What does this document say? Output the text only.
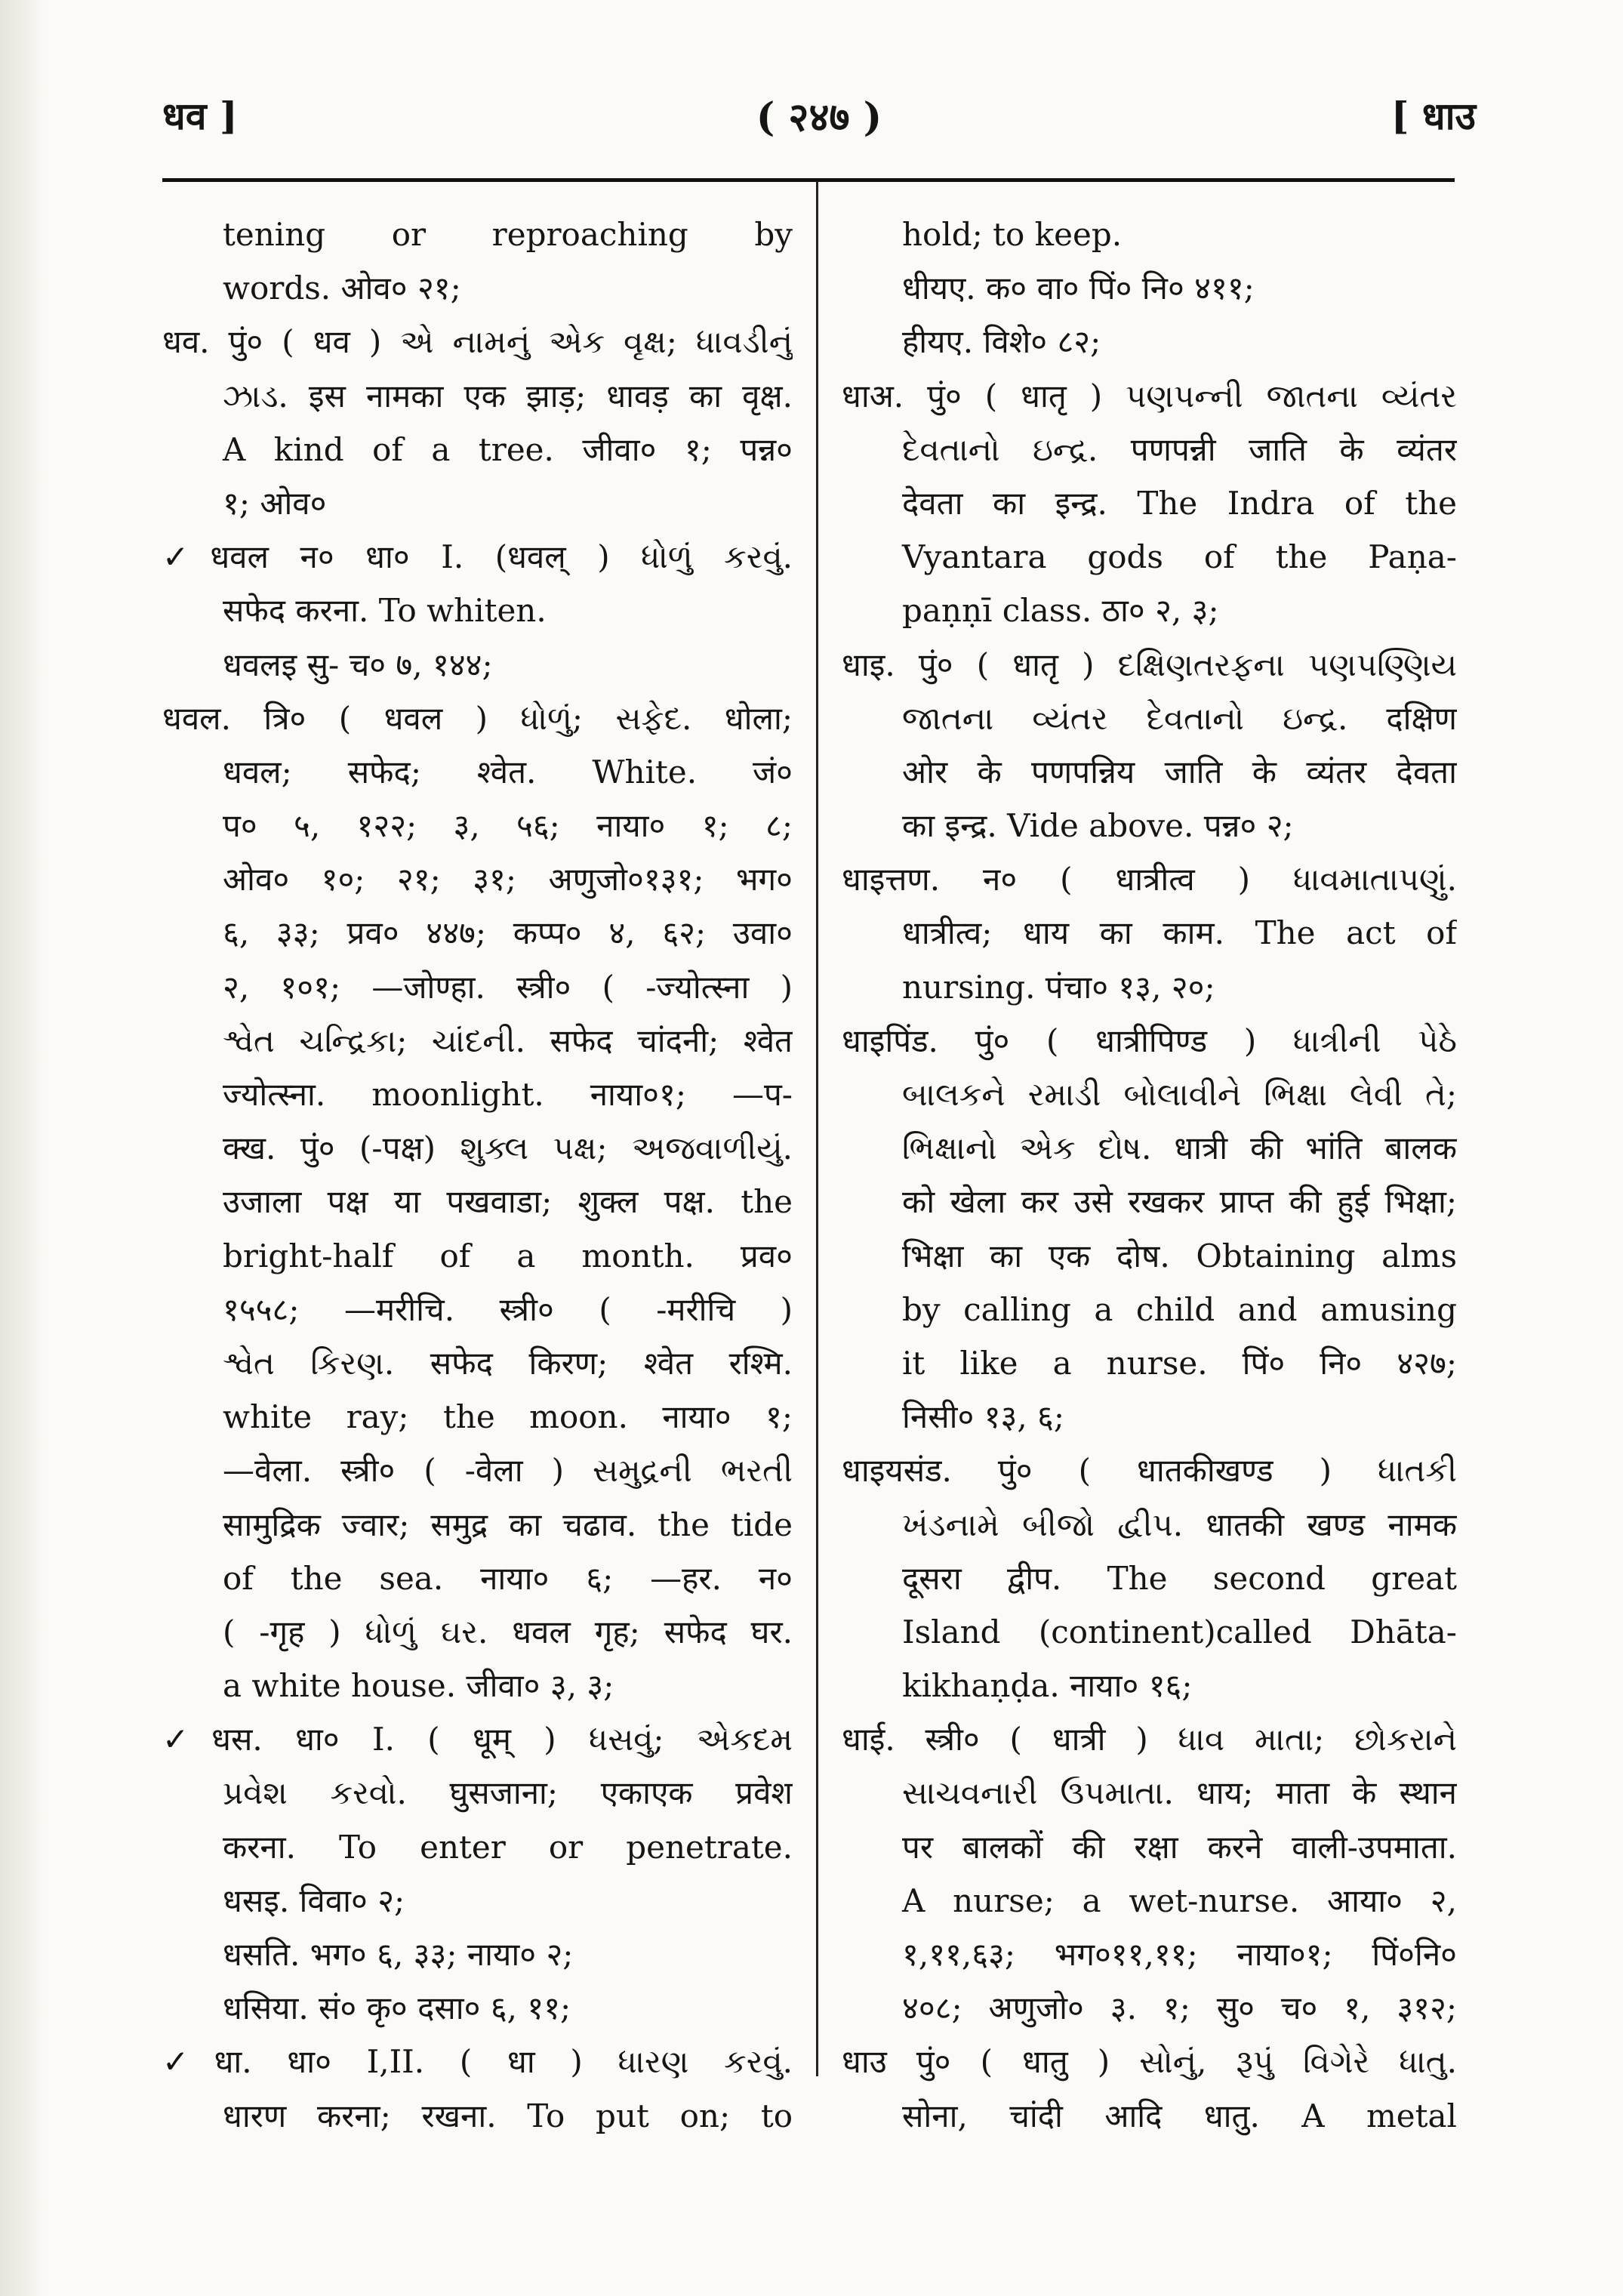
धव ]	( २४७ )	[ धाउ
tening or reproaching by
words. ओव० २१;
धव. पुं० ( धव ) એ નામનું એક વૃક્ષ; ધાવડીનું
ઝાડ. इस नामका एक झाड़; धावड़ का वृक्ष.
A kind of a tree. जीवा० १; पन्न०
१; ओव०
✓धवल न० धा० I. (धवल् ) ધોળું કરવું.
सफेद करना. To whiten.
धवलइ सु- च० ७, १४४;
धवल. त्रि० ( धवल ) ધોળું; સફેદ. धोला;
धवल; सफेद; श्वेत. White. जं०
प० ५, १२२; ३, ५६; नाया० १; ८;
ओव० १०; २१; ३१; अणुजो०१३१; भग०
६, ३३; प्रव० ४४७; कप्प० ४, ६२; उवा०
२, १०१; —जोण्हा. स्त्री० ( -ज्योत्स्ना )
શ્વેત ચન્દ્રિકા; ચાંદની. सफेद चांदनी; श्वेत
ज्योत्स्ना. moonlight. नाया०१; —प-
क्ख. पुं० (-पक्ष) શુક્લ પક્ષ; અજવાળીયું.
उजाला पक्ष या पखवाडा; शुक्ल पक्ष. the
bright-half of a month. प्रव०
१५५८; —मरीचि. स्त्री० ( -मरीचि )
શ્વેત કિરણ. सफेद किरण; श्वेत रश्मि.
white ray; the moon. नाया० १;
—वेला. स्त्री० ( -वेला ) સમુદ્રની ભરતી
सामुद्रिक ज्वार; समुद्र का चढाव. the tide
of the sea. नाया० ६; —हर. न०
( -गृह ) ધોળું ઘર. धवल गृह; सफेद घर.
a white house. जीवा० ३, ३;
✓धस. धा० I. ( धूम् ) ધસવું; એકદમ
પ્રવેશ કરવો. घुसजाना; एकाएक प्रवेश
करना. To enter or penetrate.
धसइ. विवा० २;
धसति. भग० ६, ३३; नाया० २;
धसिया. सं० कृ० दसा० ६, ११;
✓धा. धा० I,II. ( धा ) ધારણ કરવું.
धारण करना; रखना. To put on; to
hold; to keep.
धीयए. क० वा० पिं० नि० ४११;
हीयए. विशे० ८२;
धाअ. पुं० ( धातृ ) પણપન્ની જાતના વ્યંતર
દેવતાનો ઇન્દ્ર. पणपन्नी जाति के व्यंतर
देवता का इन्द्र. The Indra of the
Vyantara gods of the Paṇa-
paṇṇī class. ठा० २, ३;
धाइ. पुं० ( धातृ ) દક્ષિણતરફના પણપણ્ણિય
જાતના વ્યંતર દેવતાનો ઇન્દ્ર. दक्षिण
ओर के पणपन्निय जाति के व्यंतर देवता
का इन्द्र. Vide above. पन्न० २;
धाइत्तण. न० ( धात्रीत्व ) ધાવમાતાપણું.
धात्रीत्व; धाय का काम. The act of
nursing. पंचा० १३, २०;
धाइपिंड. पुं० ( धात्रीपिण्ड ) ધાત્રીની પેઠે
બાલકને રમાડી બોલાવીને ભિક્ષા લેવી તે;
ભિક્ષાનો એક દોષ. धात्री की भांति बालक
को खेला कर उसे रखकर प्राप्त की हुई भिक्षा;
भिक्षा का एक दोष. Obtaining alms
by calling a child and amusing
it like a nurse. पिं० नि० ४२७;
निसी० १३, ६;
धाइयसंड. पुं० ( धातकीखण्ड ) ધાતકી
ખંડનામે બીજો દ્વીપ. धातकी खण्ड नामक
दूसरा द्वीप. The second great
Island (continent)called Dhāta-
kikhaṇḍa. नाया० १६;
धाई. स्त्री० ( धात्री ) ધાવ માતા; છોકરાને
સાચવનારી ઉપમાતા. धाय; माता के स्थान
पर बालकों की रक्षा करने वाली-उपमाता.
A nurse; a wet-nurse. आया० २,
१,११,६३; भग०११,११; नाया०१; पिं०नि०
४०८; अणुजो० ३. १; सु० च० १, ३१२;
धाउ पुं० ( धातु ) સોનું, રૂપું વિગેરે ધાતુ.
सोना, चांदी आदि धातु. A metal
